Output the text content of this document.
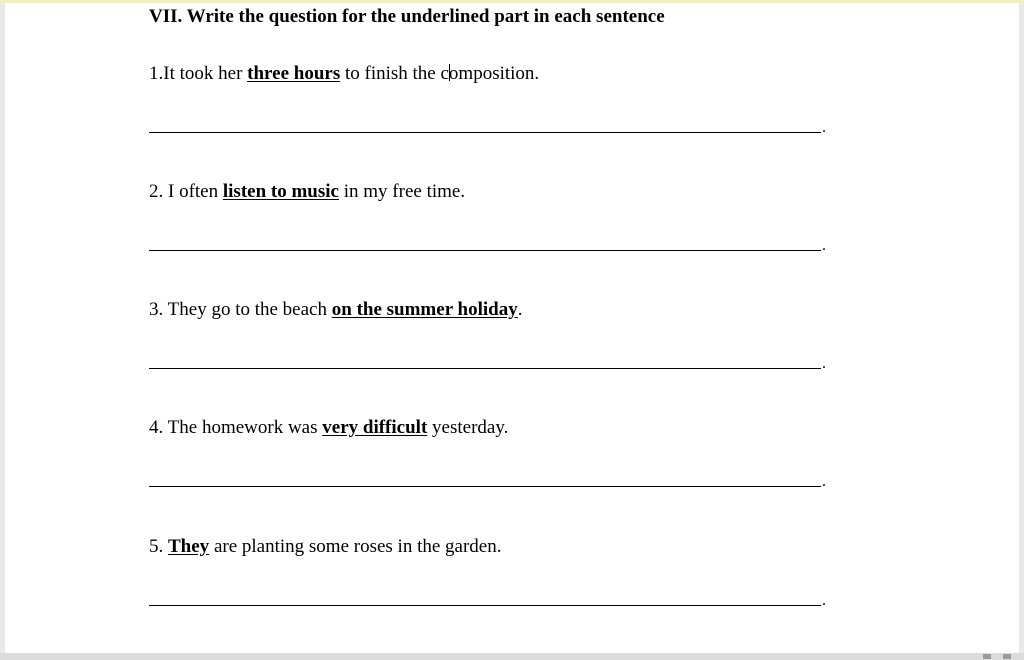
VII. Write the question for the underlined part in each sentence
1.It took her three hours to finish the composition.
.
2. I often listen to music in my free time.
.
3. They go to the beach on the summer holiday.
.
4. The homework was very difficult yesterday.
.
5. They are planting some roses in the garden.
.
